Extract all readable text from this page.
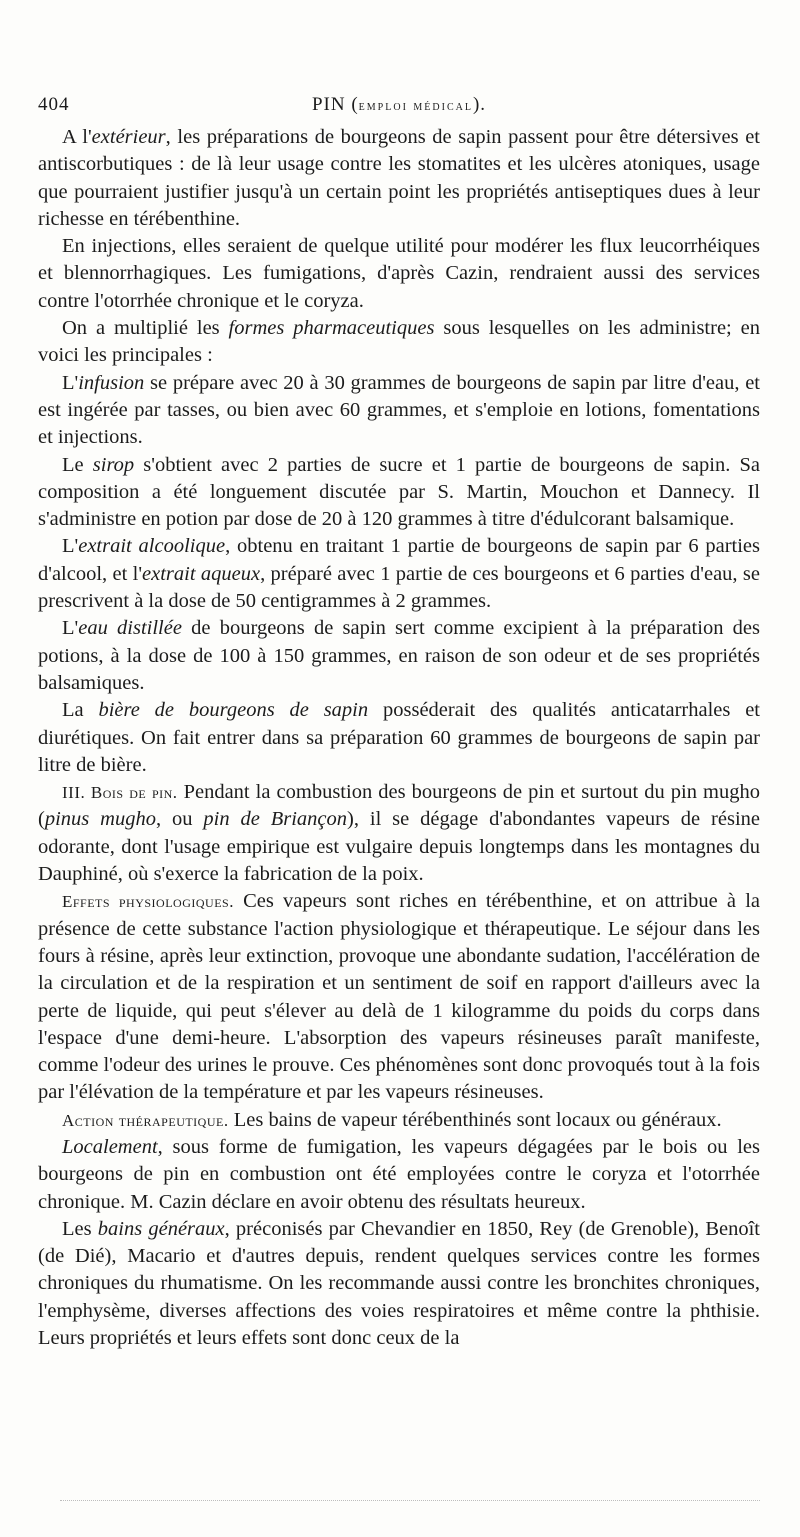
404	PIN (emploi médical).

A l'extérieur, les préparations de bourgeons de sapin passent pour être détersives et antiscorbutiques : de là leur usage contre les stomatites et les ulcères atoniques, usage que pourraient justifier jusqu'à un certain point les propriétés antiseptiques dues à leur richesse en térébenthine.

En injections, elles seraient de quelque utilité pour modérer les flux leucorrhéiques et blennorrhagiques. Les fumigations, d'après Cazin, rendraient aussi des services contre l'otorrhée chronique et le coryza.

On a multiplié les formes pharmaceutiques sous lesquelles on les administre; en voici les principales :

L'infusion se prépare avec 20 à 30 grammes de bourgeons de sapin par litre d'eau, et est ingérée par tasses, ou bien avec 60 grammes, et s'emploie en lotions, fomentations et injections.

Le sirop s'obtient avec 2 parties de sucre et 1 partie de bourgeons de sapin. Sa composition a été longuement discutée par S. Martin, Mouchon et Dannecy. Il s'administre en potion par dose de 20 à 120 grammes à titre d'édulcorant balsamique.

L'extrait alcoolique, obtenu en traitant 1 partie de bourgeons de sapin par 6 parties d'alcool, et l'extrait aqueux, préparé avec 1 partie de ces bourgeons et 6 parties d'eau, se prescrivent à la dose de 50 centigrammes à 2 grammes.

L'eau distillée de bourgeons de sapin sert comme excipient à la préparation des potions, à la dose de 100 à 150 grammes, en raison de son odeur et de ses propriétés balsamiques.

La bière de bourgeons de sapin posséderait des qualités anticatarrhales et diurétiques. On fait entrer dans sa préparation 60 grammes de bourgeons de sapin par litre de bière.

III. Bois de pin. Pendant la combustion des bourgeons de pin et surtout du pin mugho (pinus mugho, ou pin de Briançon), il se dégage d'abondantes vapeurs de résine odorante, dont l'usage empirique est vulgaire depuis longtemps dans les montagnes du Dauphiné, où s'exerce la fabrication de la poix.

Effets physiologiques. Ces vapeurs sont riches en térébenthine, et on attribue à la présence de cette substance l'action physiologique et thérapeutique. Le séjour dans les fours à résine, après leur extinction, provoque une abondante sudation, l'accélération de la circulation et de la respiration et un sentiment de soif en rapport d'ailleurs avec la perte de liquide, qui peut s'élever au delà de 1 kilogramme du poids du corps dans l'espace d'une demi-heure. L'absorption des vapeurs résineuses paraît manifeste, comme l'odeur des urines le prouve. Ces phénomènes sont donc provoqués tout à la fois par l'élévation de la température et par les vapeurs résineuses.

Action thérapeutique. Les bains de vapeur térébenthinés sont locaux ou généraux.

Localement, sous forme de fumigation, les vapeurs dégagées par le bois ou les bourgeons de pin en combustion ont été employées contre le coryza et l'otorrhée chronique. M. Cazin déclare en avoir obtenu des résultats heureux.

Les bains généraux, préconisés par Chevandier en 1850, Rey (de Grenoble), Benoît (de Dié), Macario et d'autres depuis, rendent quelques services contre les formes chroniques du rhumatisme. On les recommande aussi contre les bronchites chroniques, l'emphysème, diverses affections des voies respiratoires et même contre la phthisie. Leurs propriétés et leurs effets sont donc ceux de la
